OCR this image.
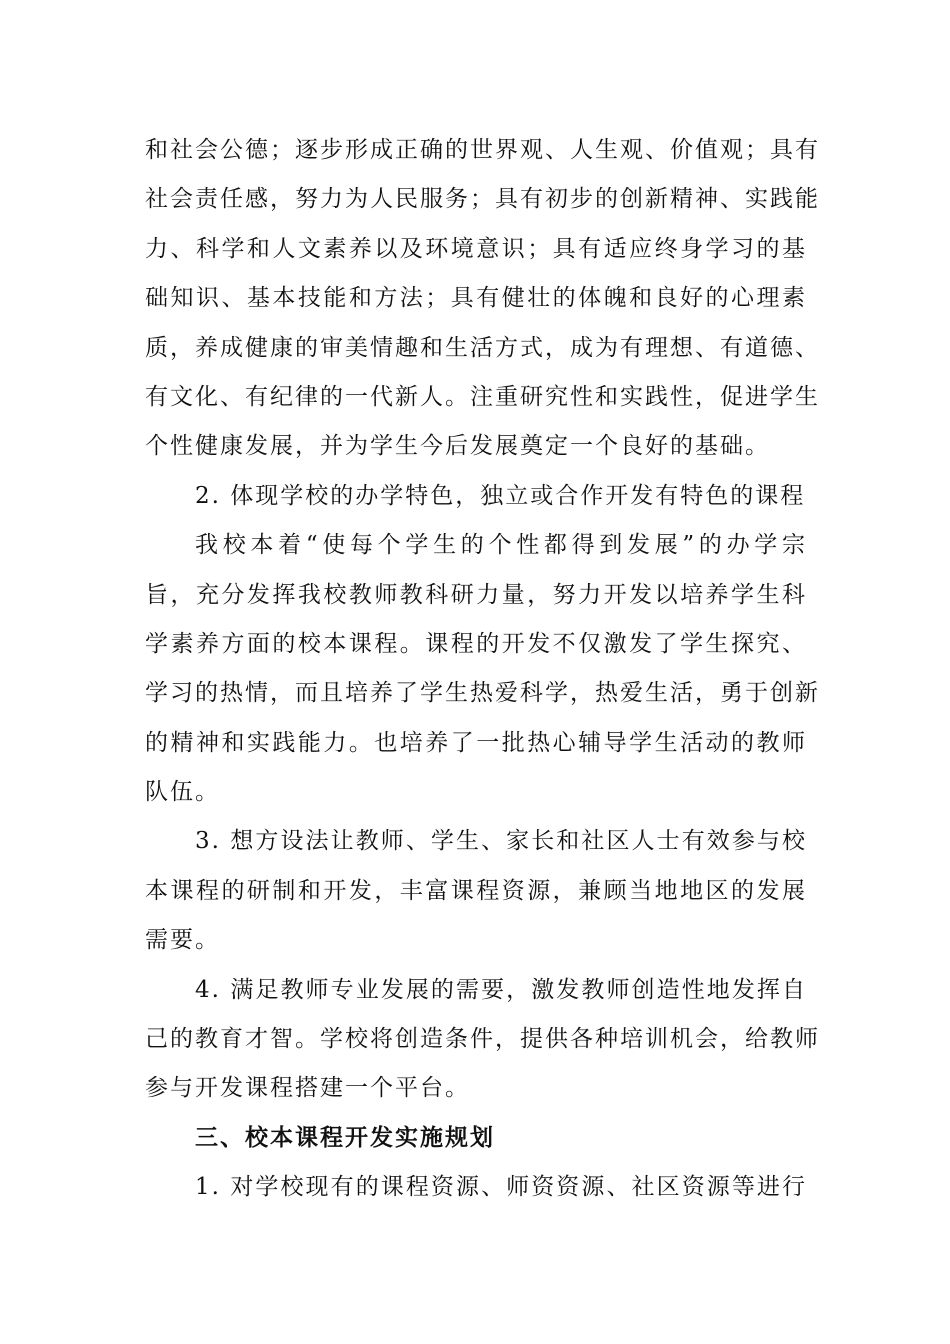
和社会公德；逐步形成正确的世界观、人生观、价值观；具有
社会责任感，努力为人民服务；具有初步的创新精神、实践能
力、科学和人文素养以及环境意识；具有适应终身学习的基
础知识、基本技能和方法；具有健壮的体魄和良好的心理素
质，养成健康的审美情趣和生活方式，成为有理想、有道德、
有文化、有纪律的一代新人。注重研究性和实践性，促进学生
个性健康发展，并为学生今后发展奠定一个良好的基础。
2. 体现学校的办学特色，独立或合作开发有特色的课程
我校本着“使每个学生的个性都得到发展”的办学宗
旨，充分发挥我校教师教科研力量，努力开发以培养学生科
学素养方面的校本课程。课程的开发不仅激发了学生探究、
学习的热情，而且培养了学生热爱科学，热爱生活，勇于创新
的精神和实践能力。也培养了一批热心辅导学生活动的教师
队伍。
3. 想方设法让教师、学生、家长和社区人士有效参与校
本课程的研制和开发，丰富课程资源，兼顾当地地区的发展
需要。
4. 满足教师专业发展的需要，激发教师创造性地发挥自
己的教育才智。学校将创造条件，提供各种培训机会，给教师
参与开发课程搭建一个平台。
三、校本课程开发实施规划
1. 对学校现有的课程资源、师资资源、社区资源等进行
